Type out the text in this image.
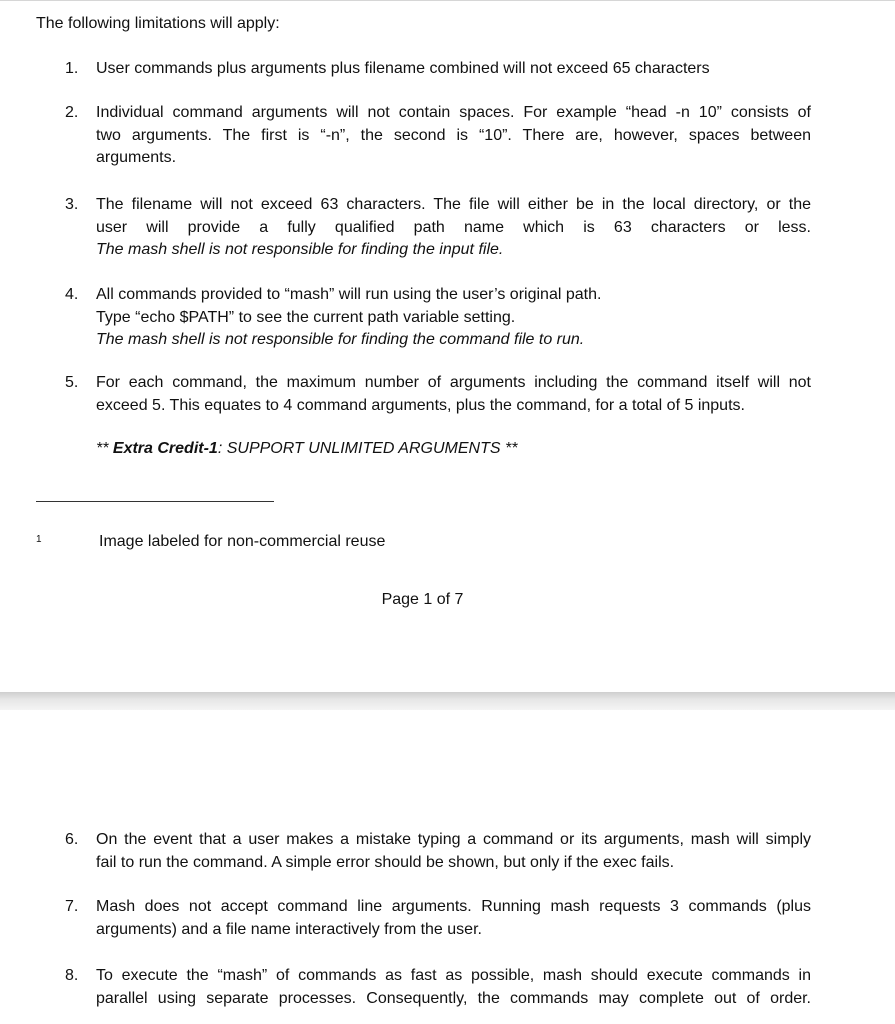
The following limitations will apply:
1.	User commands plus arguments plus filename combined will not exceed 65 characters
2.	Individual command arguments will not contain spaces. For example “head -n 10” consists of
two arguments. The first is “-n”, the second is “10”. There are, however, spaces between
arguments.
3.	The filename will not exceed 63 characters. The file will either be in the local directory, or the
user will provide a fully qualified path name which is 63 characters or less.
The mash shell is not responsible for finding the input file.
4.	All commands provided to “mash” will run using the user’s original path.
Type “echo $PATH” to see the current path variable setting.
The mash shell is not responsible for finding the command file to run.
5.	For each command, the maximum number of arguments including the command itself will not
exceed 5. This equates to 4 command arguments, plus the command, for a total of 5 inputs.
** Extra Credit-1: SUPPORT UNLIMITED ARGUMENTS **
1	Image labeled for non-commercial reuse
Page 1 of 7
6.	On the event that a user makes a mistake typing a command or its arguments, mash will simply
fail to run the command. A simple error should be shown, but only if the exec fails.
7.	Mash does not accept command line arguments. Running mash requests 3 commands (plus
arguments) and a file name interactively from the user.
8.	To execute the “mash” of commands as fast as possible, mash should execute commands in
parallel using separate processes. Consequently, the commands may complete out of order.
